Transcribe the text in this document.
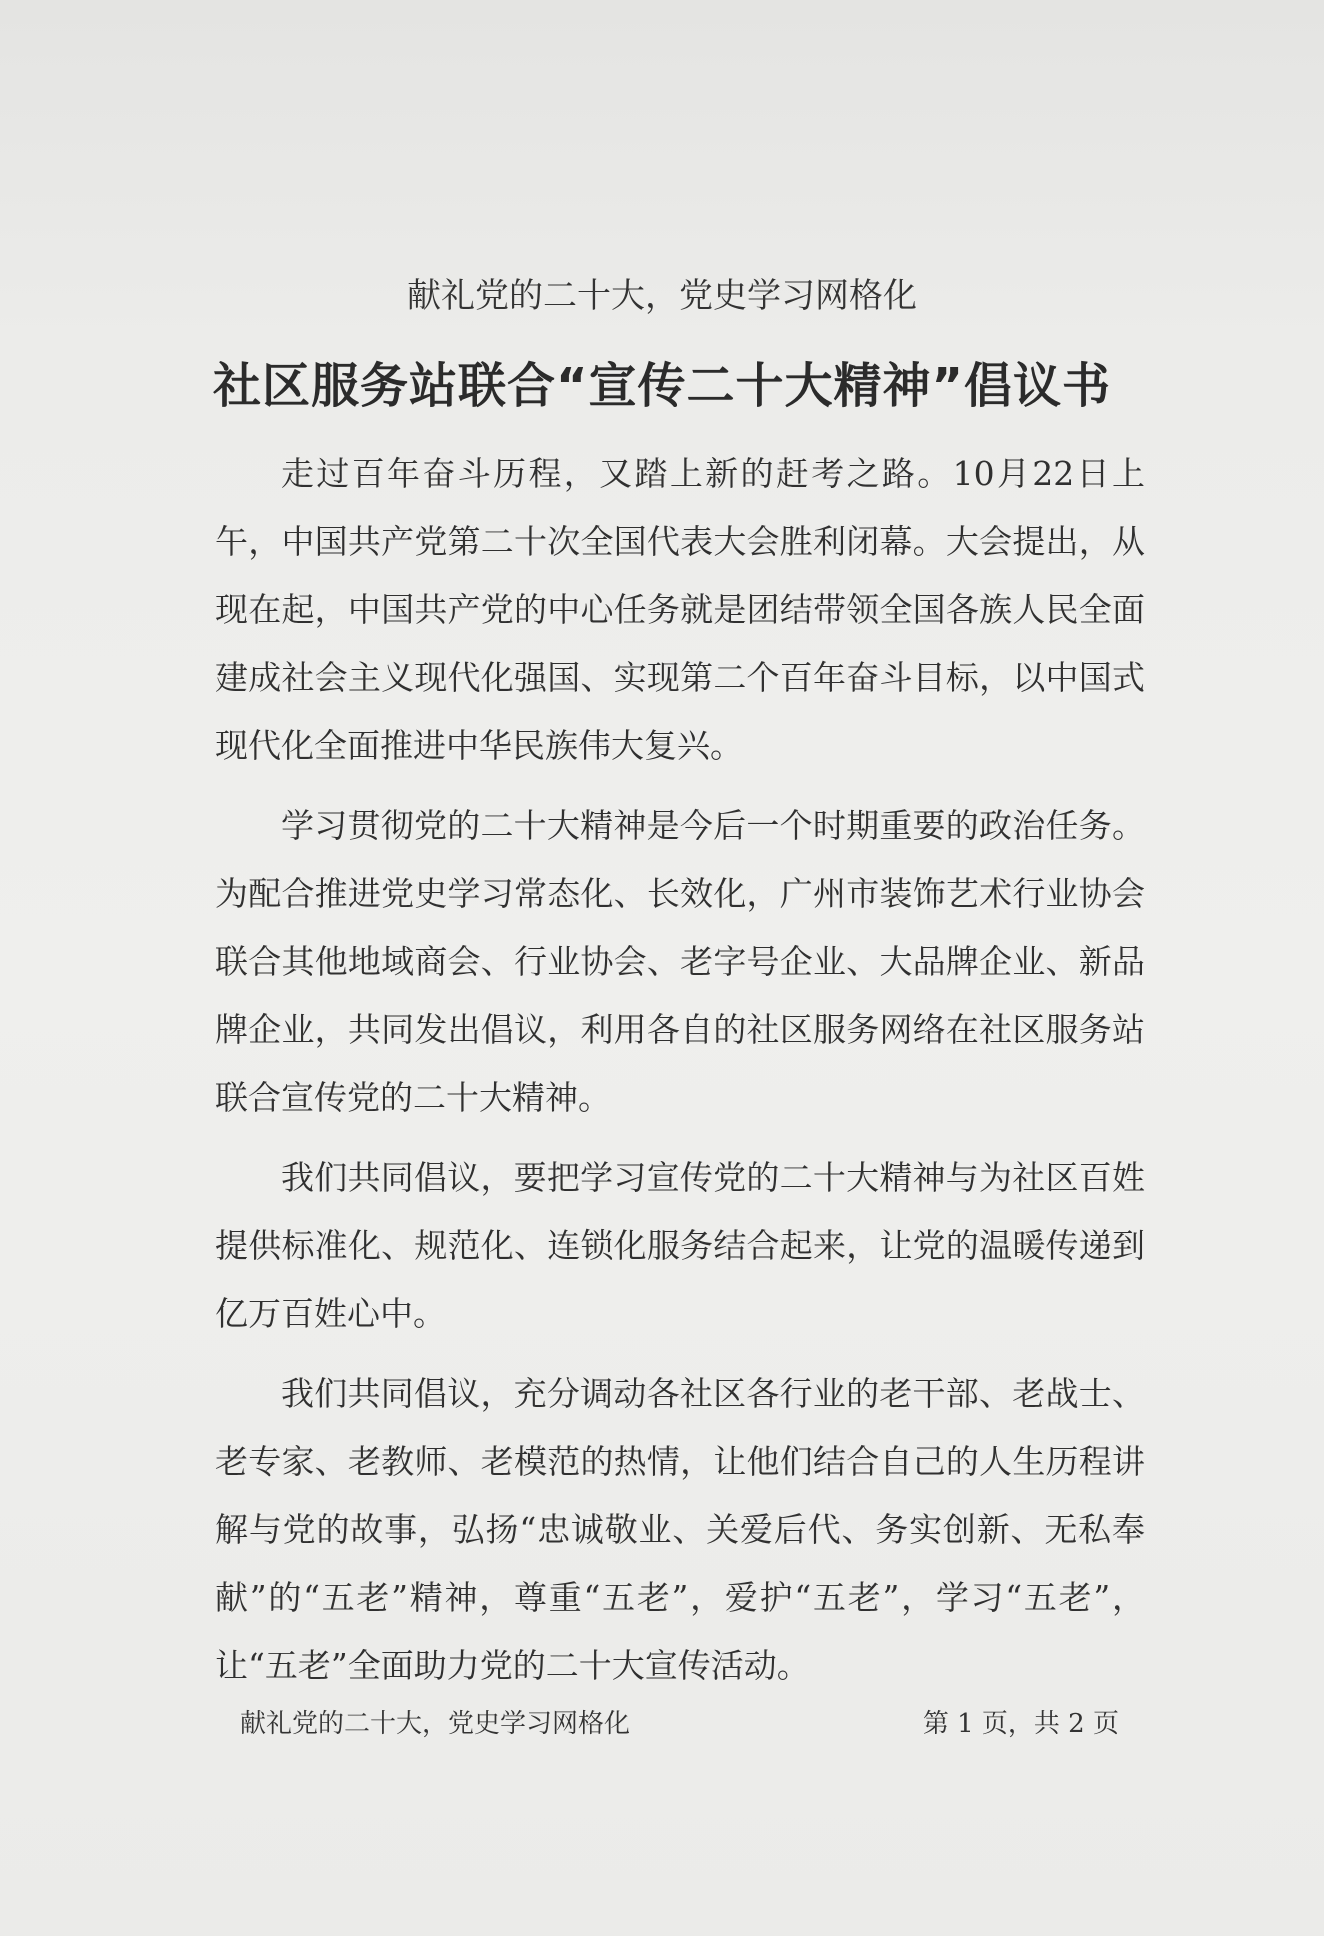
献礼党的二十大，党史学习网格化
社区服务站联合“宣传二十大精神”倡议书

走过百年奋斗历程，又踏上新的赶考之路。10月22日上午，中国共产党第二十次全国代表大会胜利闭幕。大会提出，从现在起，中国共产党的中心任务就是团结带领全国各族人民全面建成社会主义现代化强国、实现第二个百年奋斗目标，以中国式现代化全面推进中华民族伟大复兴。

学习贯彻党的二十大精神是今后一个时期重要的政治任务。为配合推进党史学习常态化、长效化，广州市装饰艺术行业协会联合其他地域商会、行业协会、老字号企业、大品牌企业、新品牌企业，共同发出倡议，利用各自的社区服务网络在社区服务站联合宣传党的二十大精神。

我们共同倡议，要把学习宣传党的二十大精神与为社区百姓提供标准化、规范化、连锁化服务结合起来，让党的温暖传递到亿万百姓心中。

我们共同倡议，充分调动各社区各行业的老干部、老战士、老专家、老教师、老模范的热情，让他们结合自己的人生历程讲解与党的故事，弘扬“忠诚敬业、关爱后代、务实创新、无私奉献”的“五老”精神，尊重“五老”，爱护“五老”，学习“五老”，让“五老”全面助力党的二十大宣传活动。

献礼党的二十大，党史学习网格化	第 1 页，共 2 页
